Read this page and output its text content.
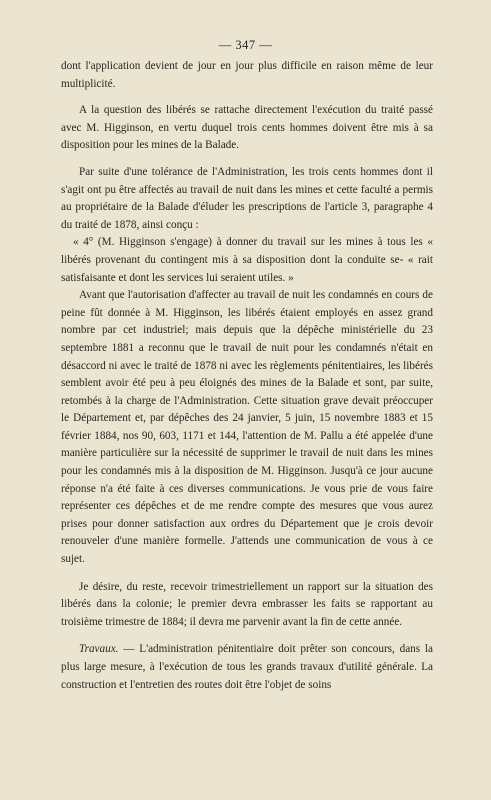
— 347 —

dont l'application devient de jour en jour plus difficile en raison même de leur multiplicité.

A la question des libérés se rattache directement l'exécution du traité passé avec M. Higginson, en vertu duquel trois cents hommes doivent être mis à sa disposition pour les mines de la Balade.

Par suite d'une tolérance de l'Administration, les trois cents hommes dont il s'agit ont pu être affectés au travail de nuit dans les mines et cette faculté a permis au propriétaire de la Balade d'éluder les prescriptions de l'article 3, paragraphe 4 du traité de 1878, ainsi conçu :

« 4° (M. Higginson s'engage) à donner du travail sur les mines à tous les « libérés provenant du contingent mis à sa disposition dont la conduite se- « rait satisfaisante et dont les services lui seraient utiles. »

Avant que l'autorisation d'affecter au travail de nuit les condamnés en cours de peine fût donnée à M. Higginson, les libérés étaient employés en assez grand nombre par cet industriel; mais depuis que la dépêche ministérielle du 23 septembre 1881 a reconnu que le travail de nuit pour les condamnés n'était en désaccord ni avec le traité de 1878 ni avec les règlements pénitentiaires, les libérés semblent avoir été peu à peu éloignés des mines de la Balade et sont, par suite, retombés à la charge de l'Administration. Cette situation grave devait préoccuper le Département et, par dépêches des 24 janvier, 5 juin, 15 novembre 1883 et 15 février 1884, nos 90, 603, 1171 et 144, l'attention de M. Pallu a été appelée d'une manière particulière sur la nécessité de supprimer le travail de nuit dans les mines pour les condamnés mis à la disposition de M. Higginson. Jusqu'à ce jour aucune réponse n'a été faite à ces diverses communications. Je vous prie de vous faire représenter ces dépêches et de me rendre compte des mesures que vous aurez prises pour donner satisfaction aux ordres du Département que je crois devoir renouveler d'une manière formelle. J'attends une communication de vous à ce sujet.

Je désire, du reste, recevoir trimestriellement un rapport sur la situation des libérés dans la colonie; le premier devra embrasser les faits se rapportant au troisième trimestre de 1884; il devra me parvenir avant la fin de cette année.

Travaux. — L'administration pénitentiaire doit prêter son concours, dans la plus large mesure, à l'exécution de tous les grands travaux d'utilité générale. La construction et l'entretien des routes doit être l'objet de soins
